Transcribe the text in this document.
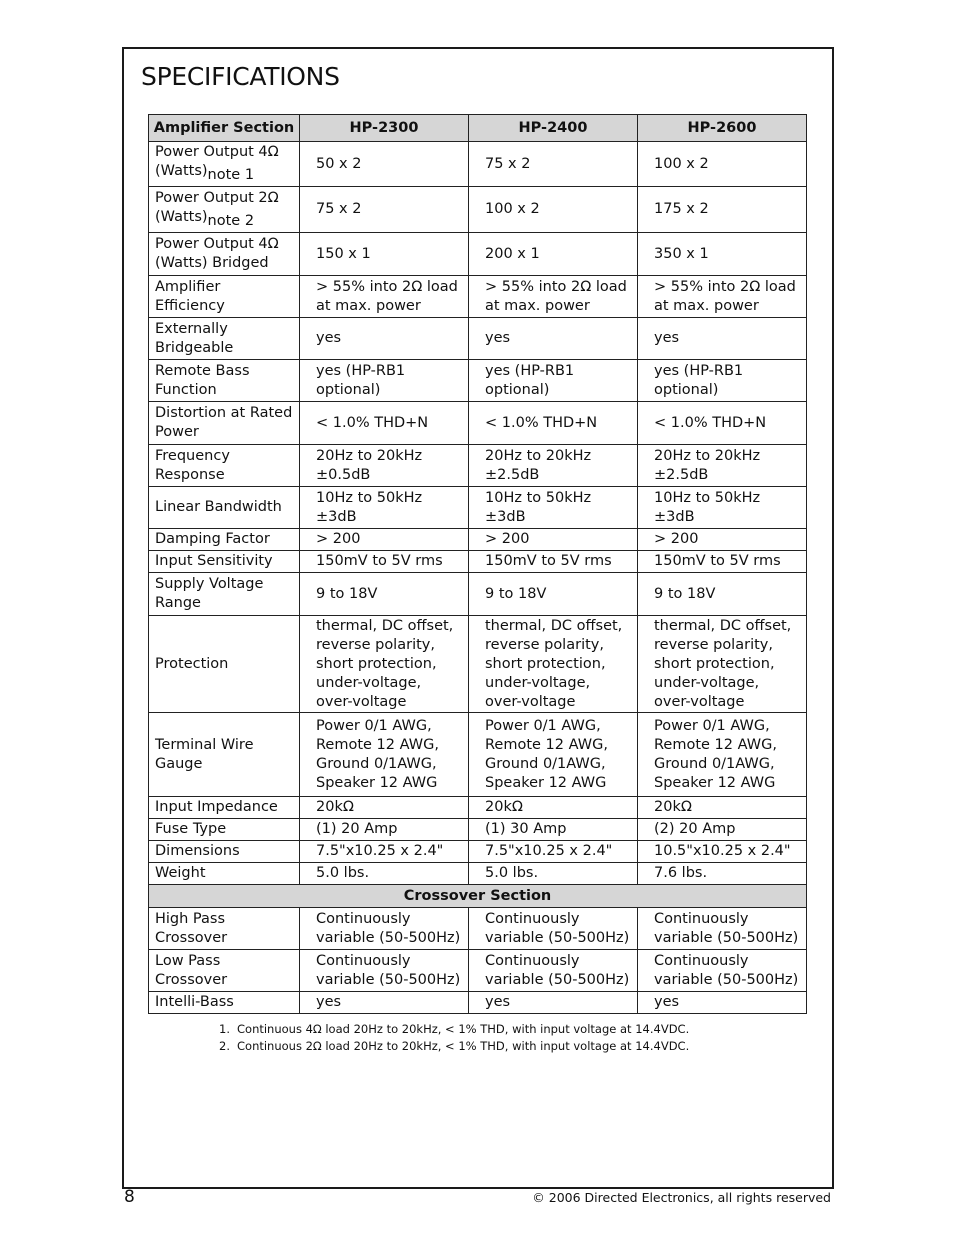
SPECIFICATIONS
Amplifier Section	HP-2300	HP-2400	HP-2600
Power Output 4Ω $(Watts)_{note 1}$	50 x 2	75 x 2	100 x 2
Power Output 2Ω $(Watts)_{note 2}$	75 x 2	100 x 2	175 x 2
Power Output 4Ω (Watts) Bridged	150 x 1	200 x 1	350 x 1
Amplifier Efficiency	> 55% into 2Ω load at max. power	> 55% into 2Ω load at max. power	> 55% into 2Ω load at max. power
Externally Bridgeable	yes	yes	yes
Remote Bass Function	yes (HP-RB1 optional)	yes (HP-RB1 optional)	yes (HP-RB1 optional)
Distortion at Rated Power	< 1.0% THD+N	< 1.0% THD+N	< 1.0% THD+N
Frequency Response	20Hz to 20kHz ±0.5dB	20Hz to 20kHz ±2.5dB	20Hz to 20kHz ±2.5dB
Linear Bandwidth	10Hz to 50kHz ±3dB	10Hz to 50kHz ±3dB	10Hz to 50kHz ±3dB
Damping Factor	> 200	> 200	> 200
Input Sensitivity	150mV to 5V rms	150mV to 5V rms	150mV to 5V rms
Supply Voltage Range	9 to 18V	9 to 18V	9 to 18V
Protection	thermal, DC offset, reverse polarity, short protection, under-voltage, over-voltage	thermal, DC offset, reverse polarity, short protection, under-voltage, over-voltage	thermal, DC offset, reverse polarity, short protection, under-voltage, over-voltage
Terminal Wire Gauge	Power 0/1 AWG, Remote 12 AWG, Ground 0/1AWG, Speaker 12 AWG	Power 0/1 AWG, Remote 12 AWG, Ground 0/1AWG, Speaker 12 AWG	Power 0/1 AWG, Remote 12 AWG, Ground 0/1AWG, Speaker 12 AWG
Input Impedance	20kΩ	20kΩ	20kΩ
Fuse Type	(1) 20 Amp	(1) 30 Amp	(2) 20 Amp
Dimensions	7.5"x10.25 x 2.4"	7.5"x10.25 x 2.4"	10.5"x10.25 x 2.4"
Weight	5.0 lbs.	5.0 lbs.	7.6 lbs.
Crossover Section			
High Pass Crossover	Continuously variable (50-500Hz)	Continuously variable (50-500Hz)	Continuously variable (50-500Hz)
Low Pass Crossover	Continuously variable (50-500Hz)	Continuously variable (50-500Hz)	Continuously variable (50-500Hz)
Intelli-Bass	yes	yes	yes
1. Continuous 4Ω load 20Hz to 20kHz, < 1% THD, with input voltage at 14.4VDC.
2. Continuous 2Ω load 20Hz to 20kHz, < 1% THD, with input voltage at 14.4VDC.
8	© 2006 Directed Electronics, all rights reserved
